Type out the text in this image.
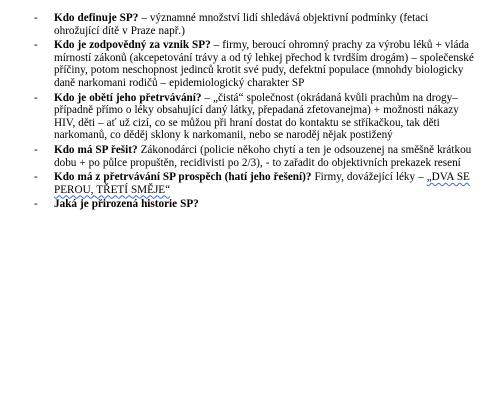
-	Kdo definuje SP? – významné množství lidí shledává objektivní podmínky (fetaci ohrožující dítě v Praze např.)
-	Kdo je zodpovědný za vznik SP? – firmy, beroucí ohromný prachy za výrobu léků + vláda mírností zákonů (akcepetování trávy a od tý lehkej přechod k tvrdším drogám) – společenské příčiny, potom neschopnost jedinců krotit své pudy, defektní populace (mnohdy biologicky daně narkomani rodičů – epidemiologický charakter SP
-	Kdo je obětí jeho přetrvávání? – „čistá“ společnost (okrádaná kvůli prachům na drogy– případně přímo o léky obsahující daný látky, přepadaná zfetovanejma) + možnosti nákazy HIV, děti – ať už cizí, co se můžou při hraní dostat do kontaktu se stříkačkou, tak děti narkomanů, co děděj sklony k narkomanii, nebo se naroděj nějak postižený
-	Kdo má SP řešit? Zákonodárci (policie někoho chytí a ten je odsouzenej na směšně krátkou dobu + po půlce propuštěn, recidivisti po 2/3), - to zařadit do objektivních prekazek resení
-	Kdo má z přetrvávání SP prospěch (hatí jeho řešení)? Firmy, dovážející léky – „DVA SE PEROU, TŘETÍ SMĚJE“
-	Jaká je přirozená historie SP?
